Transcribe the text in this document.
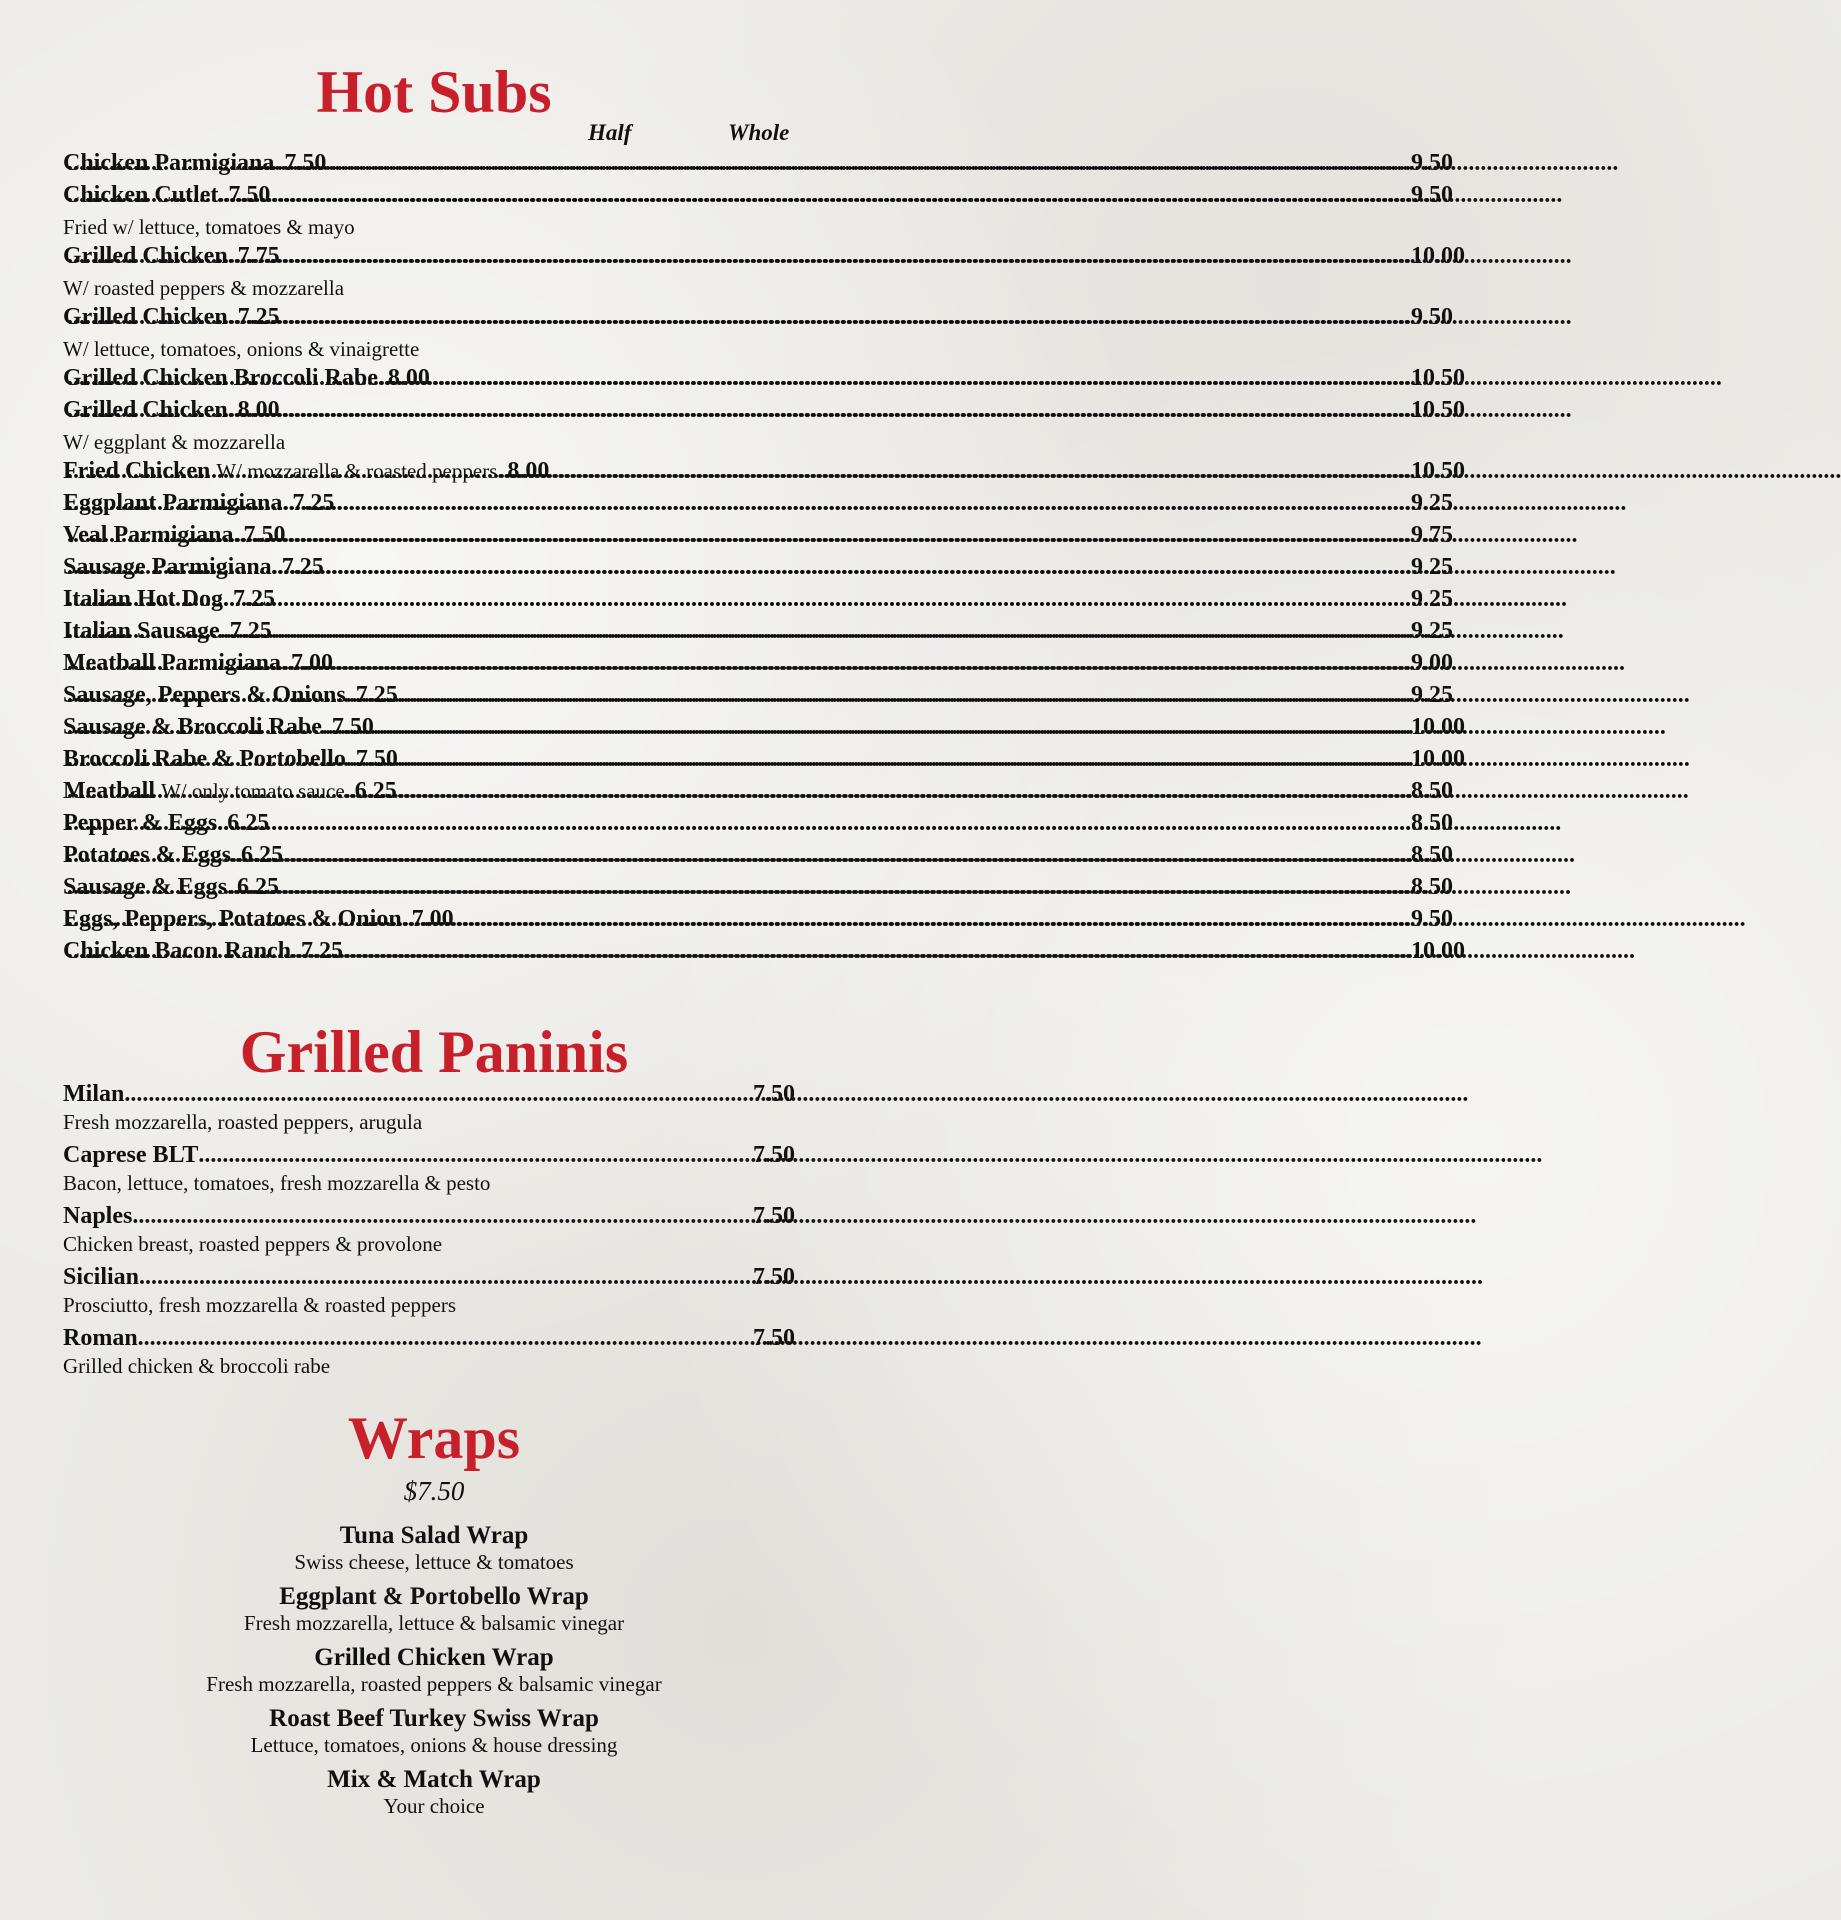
Hot Subs
Half	Whole
Chicken Parmigiana ..... 7.50 .....	9.50
Chicken Cutlet ..... 7.50 .....	9.50
Fried w/ lettuce, tomatoes & mayo
Grilled Chicken ..... 7.75 .....	10.00
W/ roasted peppers & mozzarella
Grilled Chicken ..... 7.25 .....	9.50
W/ lettuce, tomatoes, onions & vinaigrette
Grilled Chicken Broccoli Rabe ..... 8.00 .....	10.50
Grilled Chicken ..... 8.00 .....	10.50
W/ eggplant & mozzarella
Fried Chicken W/ mozzarella & roasted peppers ..... 8.00 .....	10.50
Eggplant Parmigiana ..... 7.25 .....	9.25
Veal Parmigiana ..... 7.50 .....	9.75
Sausage Parmigiana ..... 7.25 .....	9.25
Italian Hot Dog ..... 7.25 .....	9.25
Italian Sausage ..... 7.25 .....	9.25
Meatball Parmigiana ..... 7.00 .....	9.00
Sausage, Peppers & Onions ..... 7.25 .....	9.25
Sausage & Broccoli Rabe ..... 7.50 .....	10.00
Broccoli Rabe & Portobello ..... 7.50 .....	10.00
Meatball W/ only tomato sauce ..... 6.25 .....	8.50
Pepper & Eggs ..... 6.25 .....	8.50
Potatoes & Eggs ..... 6.25 .....	8.50
Sausage & Eggs ..... 6.25 .....	8.50
Eggs, Peppers, Potatoes & Onion ..... 7.00 .....	9.50
Chicken Bacon Ranch ..... 7.25 .....	10.00
Grilled Paninis
Milan .....	7.50
Fresh mozzarella, roasted peppers, arugula
Caprese BLT .....	7.50
Bacon, lettuce, tomatoes, fresh mozzarella & pesto
Naples .....	7.50
Chicken breast, roasted peppers & provolone
Sicilian .....	7.50
Prosciutto, fresh mozzarella & roasted peppers
Roman .....	7.50
Grilled chicken & broccoli rabe
Wraps
$7.50
Tuna Salad Wrap
Swiss cheese, lettuce & tomatoes
Eggplant & Portobello Wrap
Fresh mozzarella, lettuce & balsamic vinegar
Grilled Chicken Wrap
Fresh mozzarella, roasted peppers & balsamic vinegar
Roast Beef Turkey Swiss Wrap
Lettuce, tomatoes, onions & house dressing
Mix & Match Wrap
Your choice
